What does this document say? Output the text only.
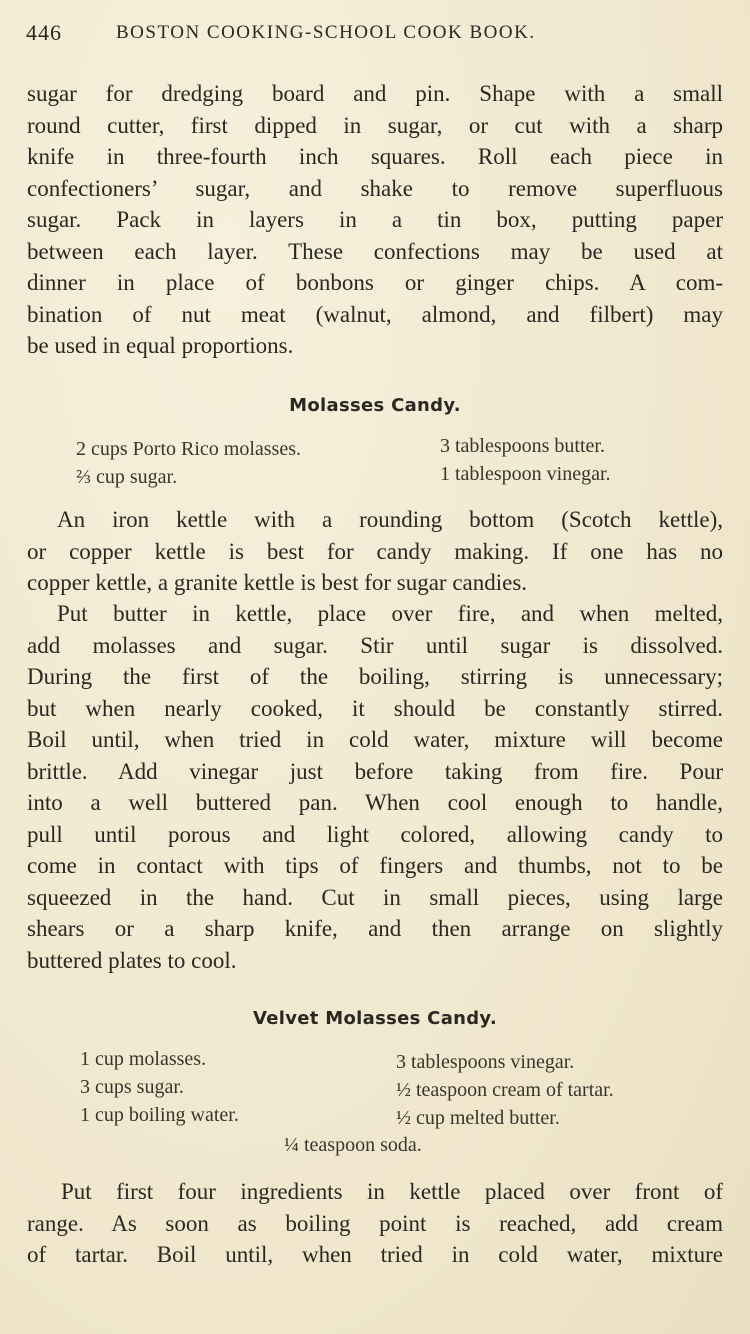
446	BOSTON COOKING-SCHOOL COOK BOOK.
sugar for dredging board and pin. Shape with a small
round cutter, first dipped in sugar, or cut with a sharp
knife in three-fourth inch squares. Roll each piece in
confectioners’ sugar, and shake to remove superfluous
sugar. Pack in layers in a tin box, putting paper
between each layer. These confections may be used at
dinner in place of bonbons or ginger chips. A com-
bination of nut meat (walnut, almond, and filbert) may
be used in equal proportions.
Molasses Candy.
2 cups Porto Rico molasses.
⅔ cup sugar.
3 tablespoons butter.
1 tablespoon vinegar.
An iron kettle with a rounding bottom (Scotch kettle),
or copper kettle is best for candy making. If one has no
copper kettle, a granite kettle is best for sugar candies.
Put butter in kettle, place over fire, and when melted,
add molasses and sugar. Stir until sugar is dissolved.
During the first of the boiling, stirring is unnecessary;
but when nearly cooked, it should be constantly stirred.
Boil until, when tried in cold water, mixture will become
brittle. Add vinegar just before taking from fire. Pour
into a well buttered pan. When cool enough to handle,
pull until porous and light colored, allowing candy to
come in contact with tips of fingers and thumbs, not to be
squeezed in the hand. Cut in small pieces, using large
shears or a sharp knife, and then arrange on slightly
buttered plates to cool.
Velvet Molasses Candy.
1 cup molasses.
3 cups sugar.
1 cup boiling water.
3 tablespoons vinegar.
½ teaspoon cream of tartar.
½ cup melted butter.
¼ teaspoon soda.
Put first four ingredients in kettle placed over front of
range. As soon as boiling point is reached, add cream
of tartar. Boil until, when tried in cold water, mixture
